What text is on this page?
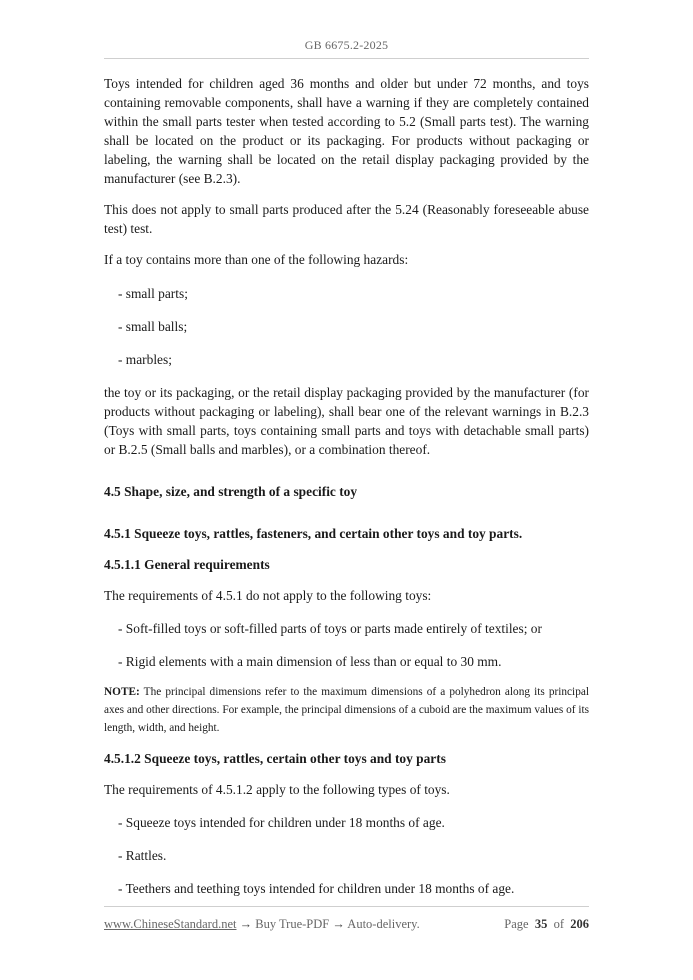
GB 6675.2-2025

Toys intended for children aged 36 months and older but under 72 months, and toys containing removable components, shall have a warning if they are completely contained within the small parts tester when tested according to 5.2 (Small parts test). The warning shall be located on the product or its packaging. For products without packaging or labeling, the warning shall be located on the retail display packaging provided by the manufacturer (see B.2.3).

This does not apply to small parts produced after the 5.24 (Reasonably foreseeable abuse test) test.

If a toy contains more than one of the following hazards:

- small parts;

- small balls;

- marbles;

the toy or its packaging, or the retail display packaging provided by the manufacturer (for products without packaging or labeling), shall bear one of the relevant warnings in B.2.3 (Toys with small parts, toys containing small parts and toys with detachable small parts) or B.2.5 (Small balls and marbles), or a combination thereof.

4.5 Shape, size, and strength of a specific toy

4.5.1 Squeeze toys, rattles, fasteners, and certain other toys and toy parts.

4.5.1.1 General requirements

The requirements of 4.5.1 do not apply to the following toys:

- Soft-filled toys or soft-filled parts of toys or parts made entirely of textiles; or

- Rigid elements with a main dimension of less than or equal to 30 mm.

NOTE: The principal dimensions refer to the maximum dimensions of a polyhedron along its principal axes and other directions. For example, the principal dimensions of a cuboid are the maximum values of its length, width, and height.

4.5.1.2 Squeeze toys, rattles, certain other toys and toy parts

The requirements of 4.5.1.2 apply to the following types of toys.

- Squeeze toys intended for children under 18 months of age.

- Rattles.

- Teethers and teething toys intended for children under 18 months of age.

www.ChineseStandard.net → Buy True-PDF → Auto-delivery.	Page 35 of 206
